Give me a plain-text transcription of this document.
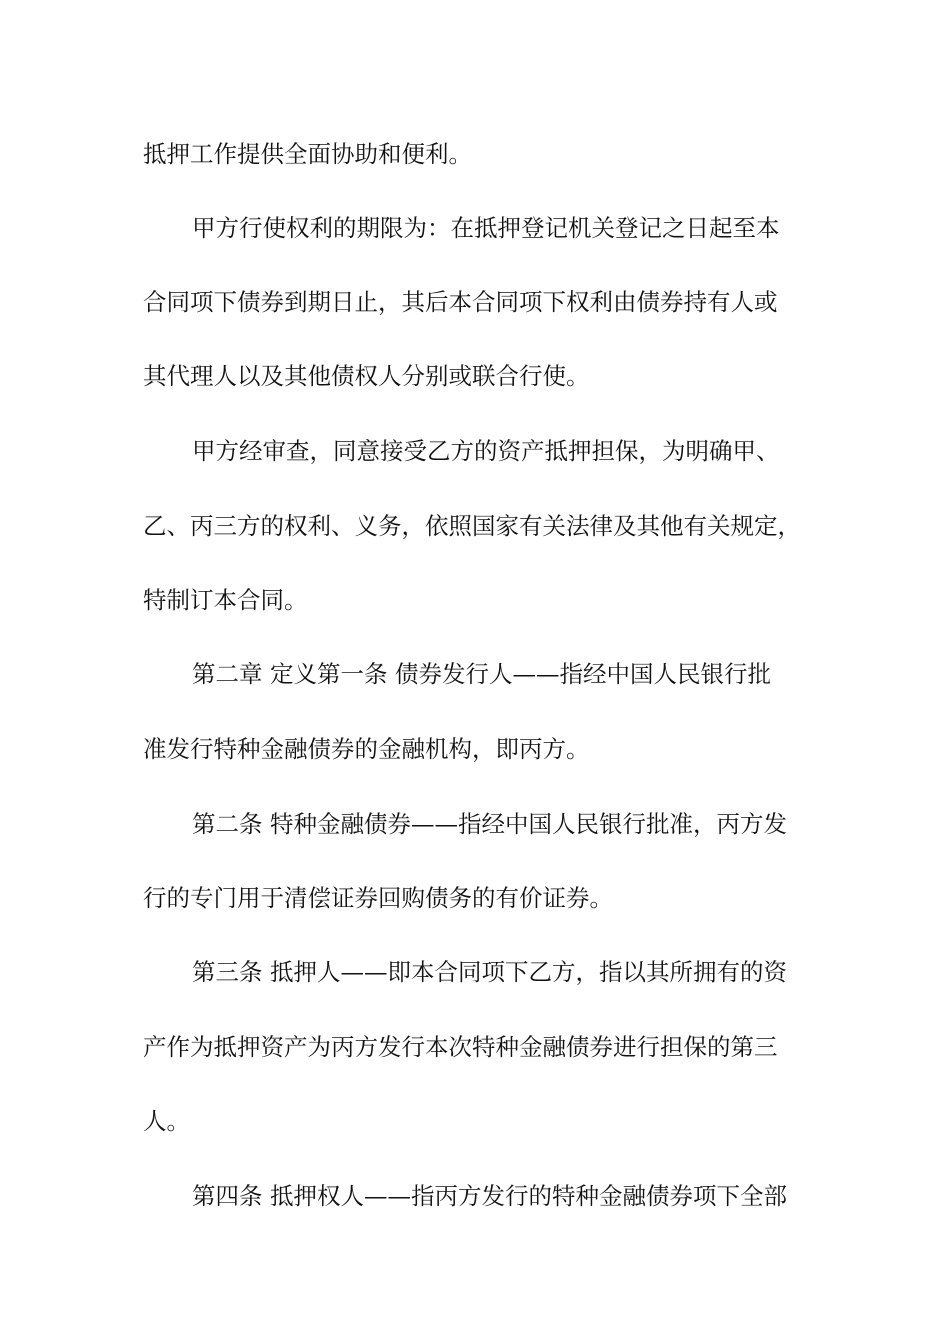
抵押工作提供全面协助和便利。
甲方行使权利的期限为：在抵押登记机关登记之日起至本
合同项下债券到期日止，其后本合同项下权利由债券持有人或
其代理人以及其他债权人分别或联合行使。
甲方经审查，同意接受乙方的资产抵押担保，为明确甲、
乙、丙三方的权利、义务，依照国家有关法律及其他有关规定，
特制订本合同。
第二章 定义第一条 债券发行人——指经中国人民银行批
准发行特种金融债券的金融机构，即丙方。
第二条 特种金融债券——指经中国人民银行批准，丙方发
行的专门用于清偿证券回购债务的有价证券。
第三条 抵押人——即本合同项下乙方，指以其所拥有的资
产作为抵押资产为丙方发行本次特种金融债券进行担保的第三
人。
第四条 抵押权人——指丙方发行的特种金融债券项下全部
